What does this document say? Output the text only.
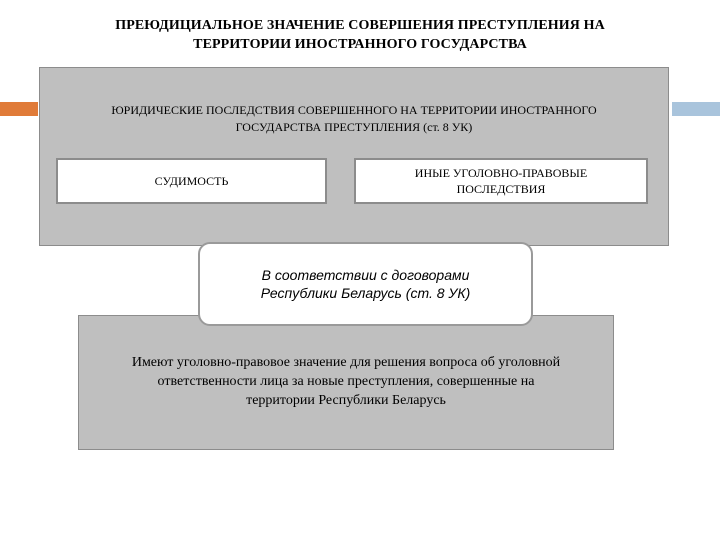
ПРЕЮДИЦИАЛЬНОЕ ЗНАЧЕНИЕ СОВЕРШЕНИЯ ПРЕСТУПЛЕНИЯ НА
ТЕРРИТОРИИ ИНОСТРАННОГО ГОСУДАРСТВА
ЮРИДИЧЕСКИЕ ПОСЛЕДСТВИЯ СОВЕРШЕННОГО НА ТЕРРИТОРИИ ИНОСТРАННОГО
ГОСУДАРСТВА ПРЕСТУПЛЕНИЯ (ст. 8 УК)
СУДИМОСТЬ
ИНЫЕ УГОЛОВНО-ПРАВОВЫЕ
ПОСЛЕДСТВИЯ
В соответствии с договорами
Республики Беларусь (ст. 8 УК)
Имеют уголовно-правовое значение для решения вопроса об уголовной
ответственности лица за новые преступления, совершенные на
территории Республики Беларусь
